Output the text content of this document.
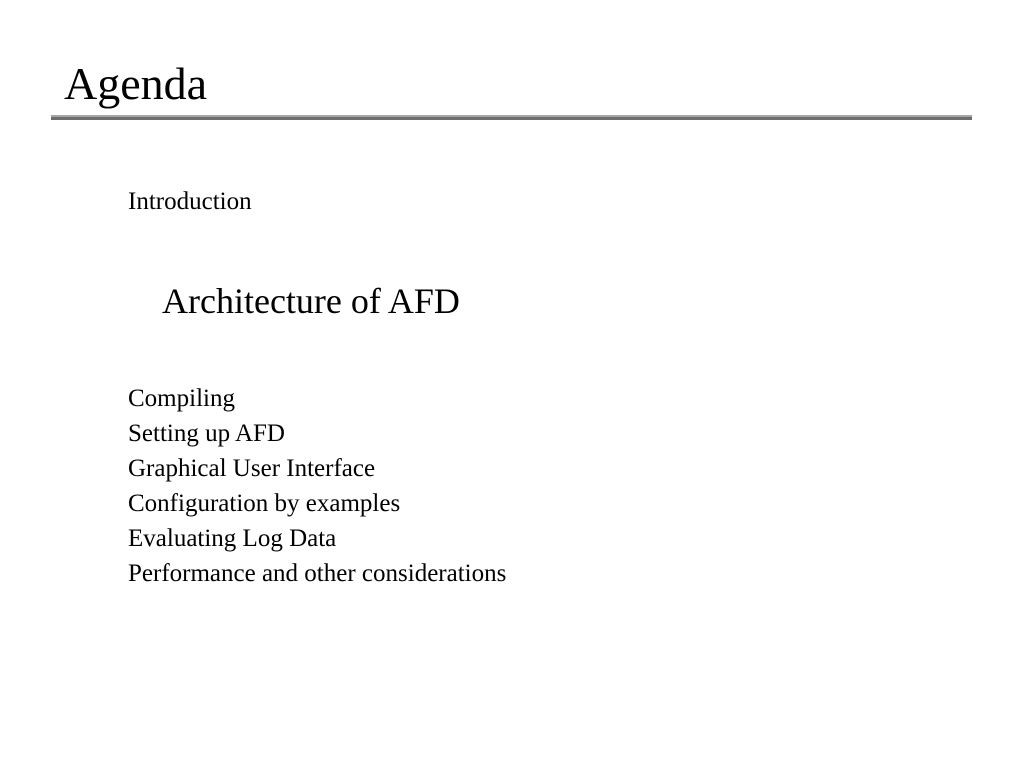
Agenda
Introduction
Architecture of AFD
Compiling
Setting up AFD
Graphical User Interface
Configuration by examples
Evaluating Log Data
Performance and other considerations
